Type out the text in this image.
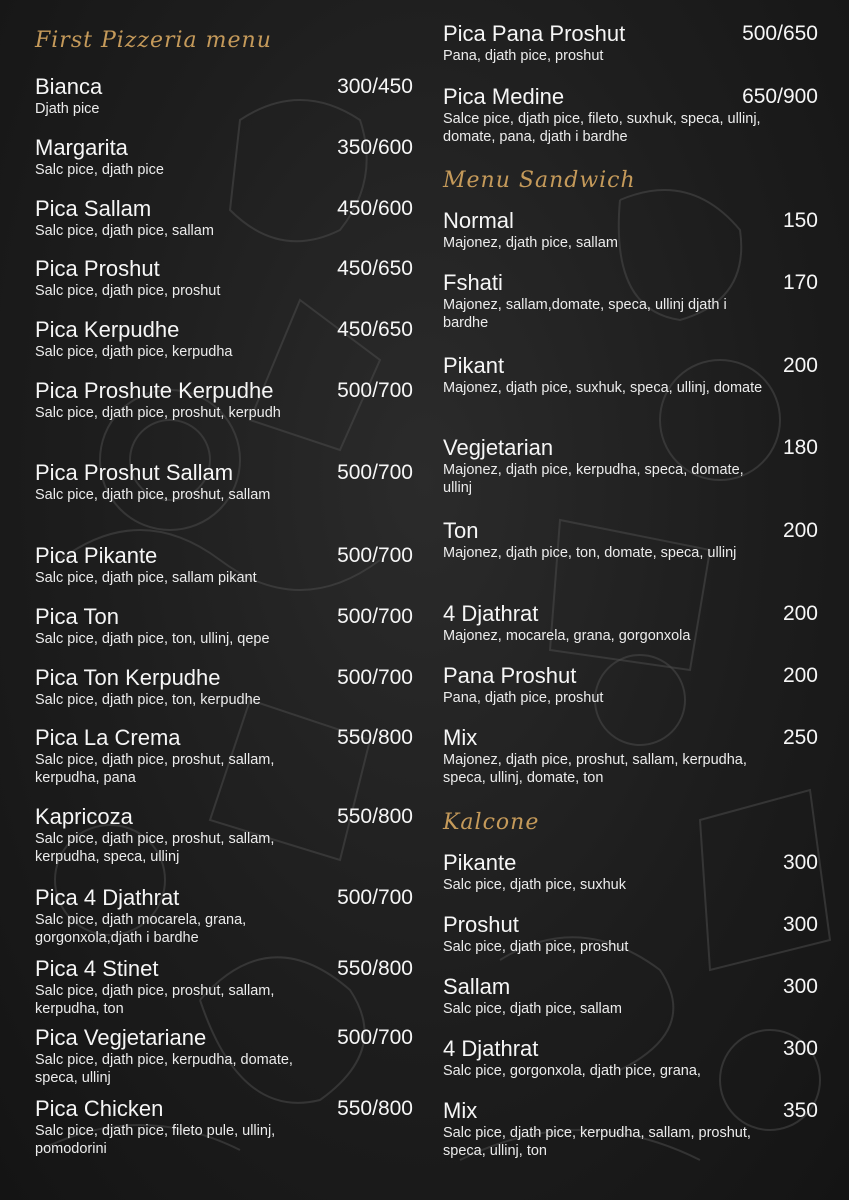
First Pizzeria menu
Bianca	300/450
Djath pice
Margarita	350/600
Salc pice, djath pice
Pica Sallam	450/600
Salc pice, djath pice, sallam
Pica Proshut	450/650
Salc pice, djath pice, proshut
Pica Kerpudhe	450/650
Salc pice, djath pice, kerpudha
Pica Proshute Kerpudhe	500/700
Salc pice, djath pice, proshut, kerpudh
Pica Proshut Sallam	500/700
Salc pice, djath pice, proshut, sallam
Pica Pikante	500/700
Salc pice, djath pice, sallam pikant
Pica Ton	500/700
Salc pice, djath pice, ton, ullinj, qepe
Pica Ton Kerpudhe	500/700
Salc pice, djath pice, ton, kerpudhe
Pica La Crema	550/800
Salc pice, djath pice, proshut, sallam, kerpudha, pana
Kapricoza	550/800
Salc pice, djath pice, proshut, sallam, kerpudha, speca, ullinj
Pica 4 Djathrat	500/700
Salc pice, djath mocarela, grana, gorgonxola,djath i bardhe
Pica 4 Stinet	550/800
Salc pice, djath pice, proshut, sallam, kerpudha, ton
Pica Vegjetariane	500/700
Salc pice, djath pice, kerpudha, domate, speca, ullinj
Pica Chicken	550/800
Salc pice, djath pice, fileto pule, ullinj, pomodorini
Pica Pana Proshut	500/650
Pana, djath pice, proshut
Pica Medine	650/900
Salce pice, djath pice, fileto, suxhuk, speca, ullinj, domate, pana, djath i bardhe
Menu Sandwich
Normal	150
Majonez, djath pice, sallam
Fshati	170
Majonez, sallam,domate, speca, ullinj djath i bardhe
Pikant	200
Majonez, djath pice, suxhuk, speca, ullinj, domate
Vegjetarian	180
Majonez, djath pice, kerpudha, speca, domate, ullinj
Ton	200
Majonez, djath pice, ton, domate, speca, ullinj
4 Djathrat	200
Majonez, mocarela, grana, gorgonxola
Pana Proshut	200
Pana, djath pice, proshut
Mix	250
Majonez, djath pice, proshut, sallam, kerpudha, speca, ullinj, domate, ton
Kalcone
Pikante	300
Salc pice, djath pice, suxhuk
Proshut	300
Salc pice, djath pice, proshut
Sallam	300
Salc pice, djath pice, sallam
4 Djathrat	300
Salc pice, gorgonxola, djath pice, grana,
Mix	350
Salc pice, djath pice, kerpudha, sallam, proshut, speca, ullinj, ton
